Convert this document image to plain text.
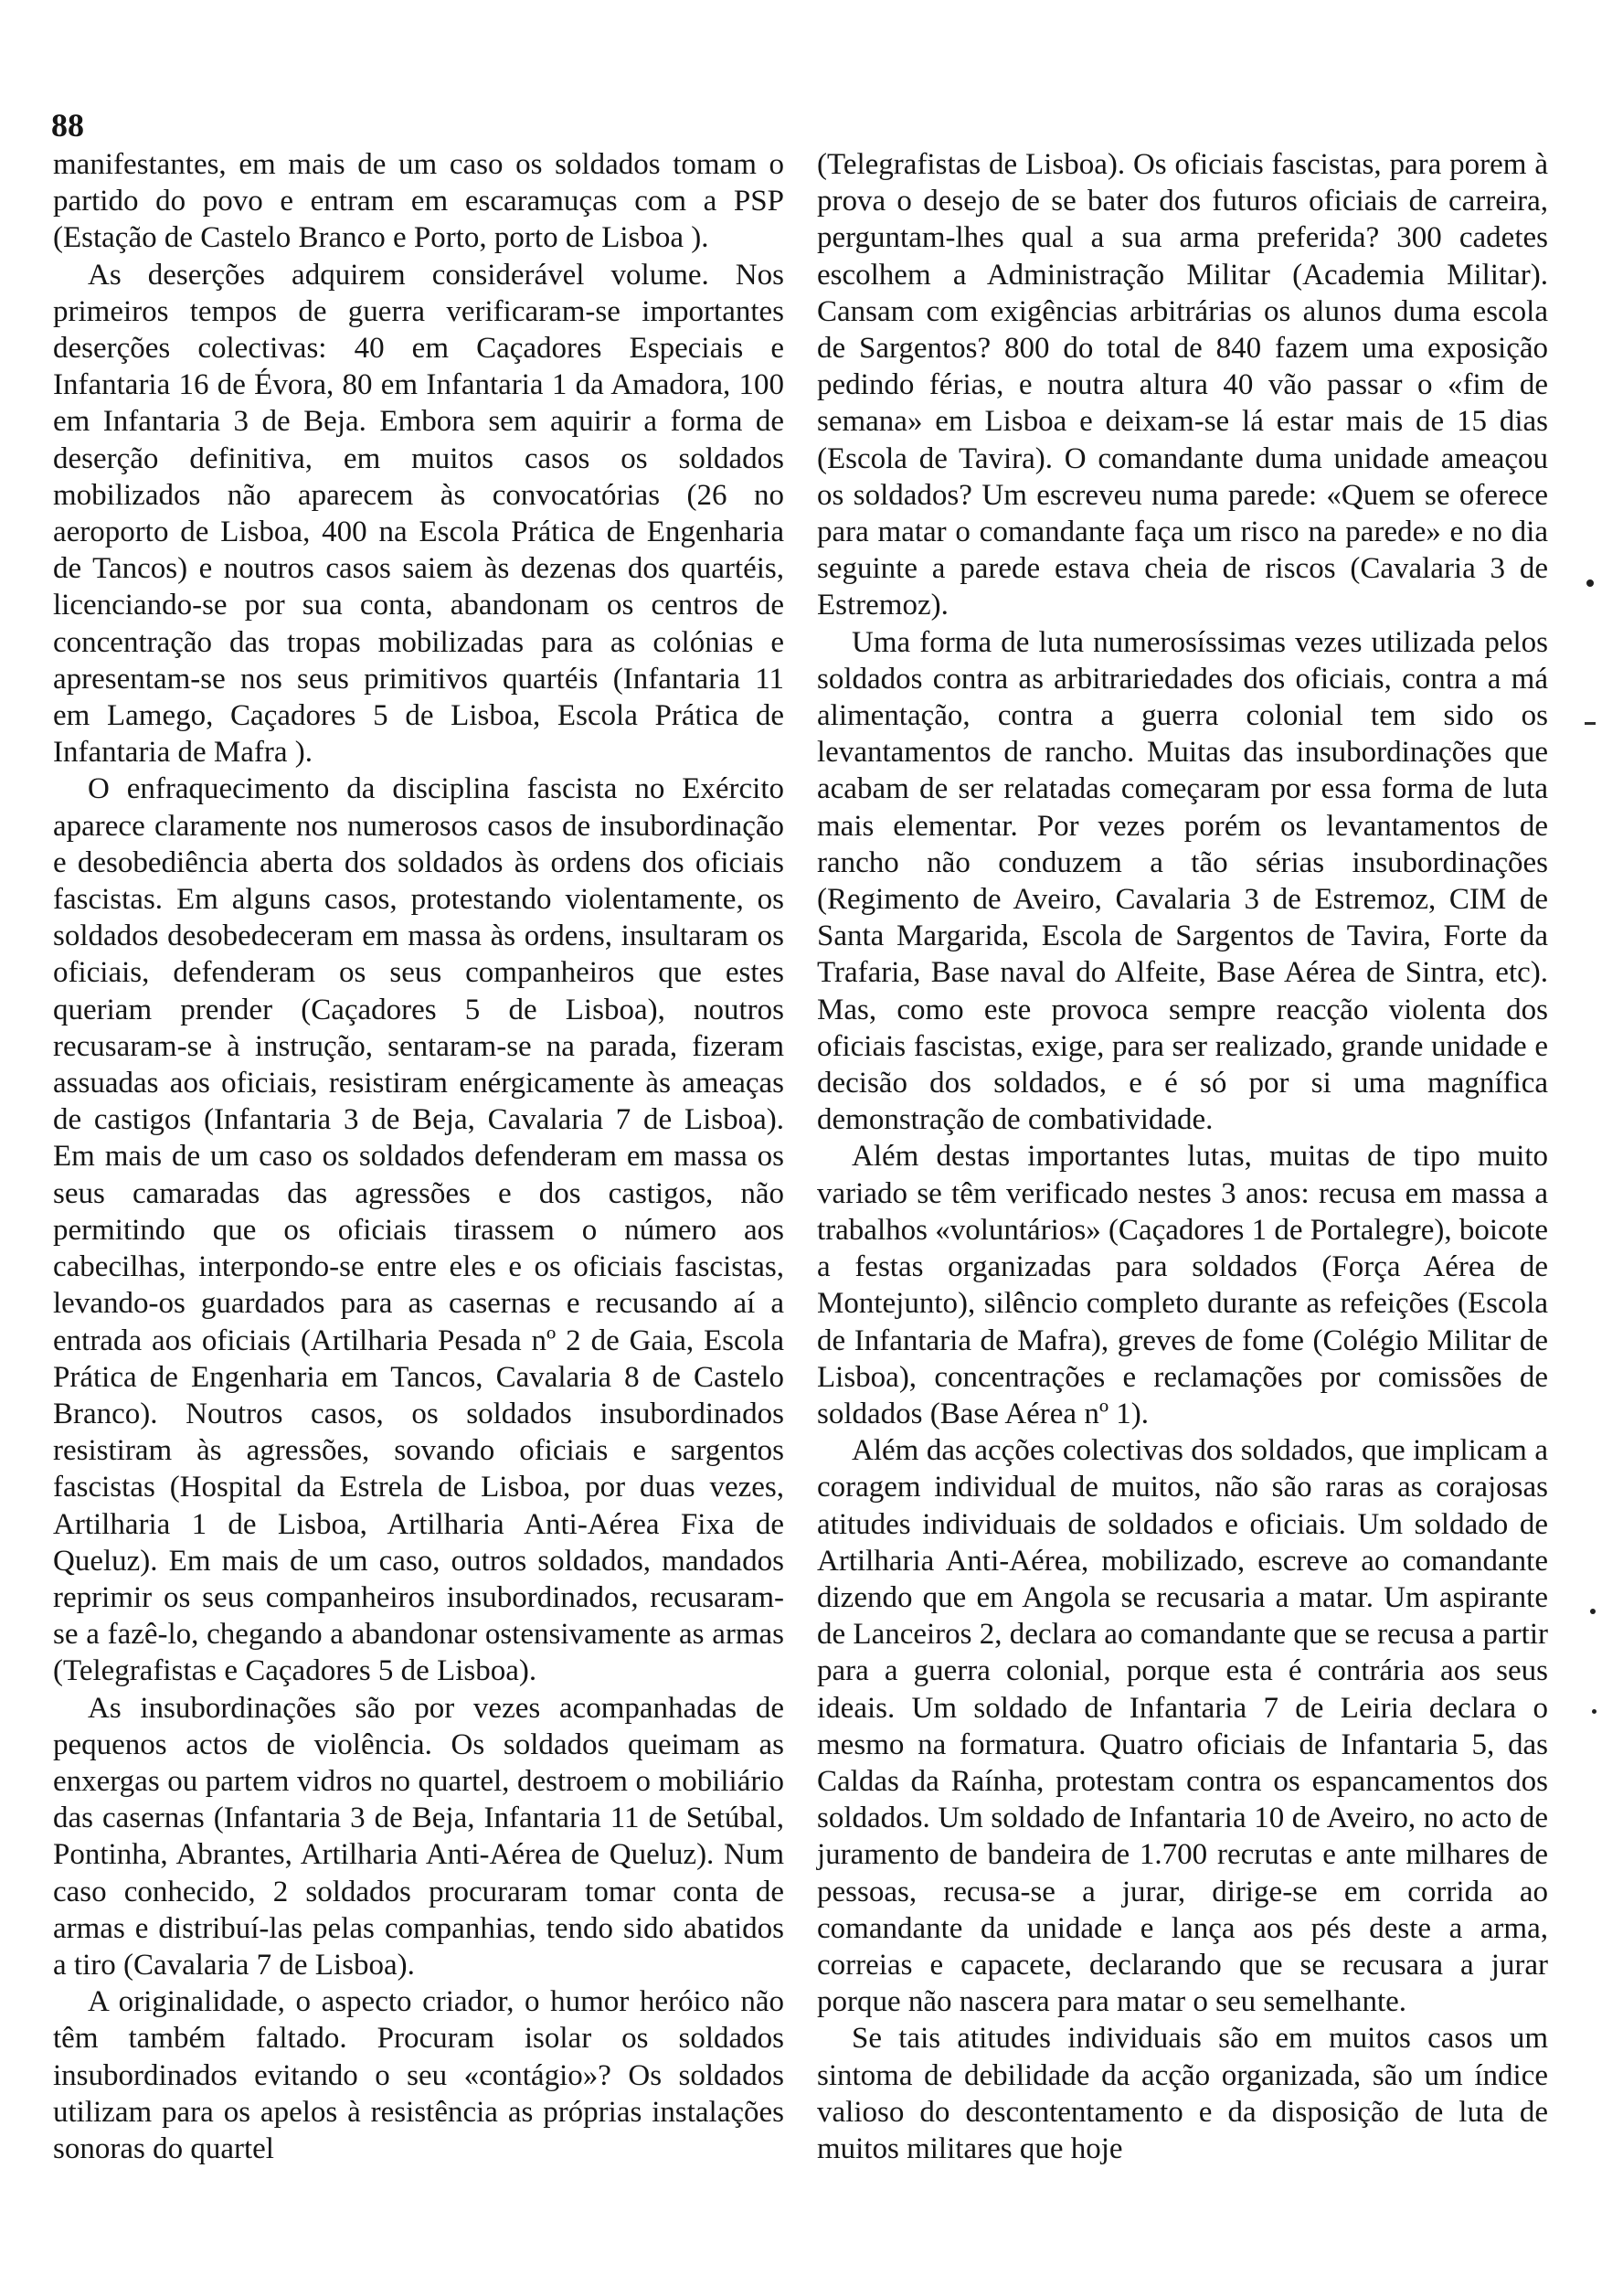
88

manifestantes, em mais de um caso os soldados tomam o partido do povo e entram em escaramuças com a PSP (Estação de Castelo Branco e Porto, porto de Lisboa ).

As deserções adquirem considerável volume. Nos primeiros tempos de guerra verificaram-se importantes deserções colectivas: 40 em Caçadores Especiais e Infantaria 16 de Évora, 80 em Infantaria 1 da Amadora, 100 em Infantaria 3 de Beja. Embora sem aquirir a forma de deserção definitiva, em muitos casos os soldados mobilizados não aparecem às convocatórias (26 no aeroporto de Lisboa, 400 na Escola Prática de Engenharia de Tancos) e noutros casos saiem às dezenas dos quartéis, licenciando-se por sua conta, abandonam os centros de concentração das tropas mobilizadas para as colónias e apresentam-se nos seus primitivos quartéis (Infantaria 11 em Lamego, Caçadores 5 de Lisboa, Escola Prática de Infantaria de Mafra ).

O enfraquecimento da disciplina fascista no Exército aparece claramente nos numerosos casos de insubordinação e desobediência aberta dos soldados às ordens dos oficiais fascistas. Em alguns casos, protestando violentamente, os soldados desobedeceram em massa às ordens, insultaram os oficiais, defenderam os seus companheiros que estes queriam prender (Caçadores 5 de Lisboa), noutros recusaram-se à instrução, sentaram-se na parada, fizeram assuadas aos oficiais, resistiram enérgicamente às ameaças de castigos (Infantaria 3 de Beja, Cavalaria 7 de Lisboa). Em mais de um caso os soldados defenderam em massa os seus camaradas das agressões e dos castigos, não permitindo que os oficiais tirassem o número aos cabecilhas, interpondo-se entre eles e os oficiais fascistas, levando-os guardados para as casernas e recusando aí a entrada aos oficiais (Artilharia Pesada nº 2 de Gaia, Escola Prática de Engenharia em Tancos, Cavalaria 8 de Castelo Branco). Noutros casos, os soldados insubordinados resistiram às agressões, sovando oficiais e sargentos fascistas (Hospital da Estrela de Lisboa, por duas vezes, Artilharia 1 de Lisboa, Artilharia Anti-Aérea Fixa de Queluz). Em mais de um caso, outros soldados, mandados reprimir os seus companheiros insubordinados, recusaram-se a fazê-lo, chegando a abandonar ostensivamente as armas (Telegrafistas e Caçadores 5 de Lisboa).

As insubordinações são por vezes acompanhadas de pequenos actos de violência. Os soldados queimam as enxergas ou partem vidros no quartel, destroem o mobiliário das casernas (Infantaria 3 de Beja, Infantaria 11 de Setúbal, Pontinha, Abrantes, Artilharia Anti-Aérea de Queluz). Num caso conhecido, 2 soldados procuraram tomar conta de armas e distribuí-las pelas companhias, tendo sido abatidos a tiro (Cavalaria 7 de Lisboa).

A originalidade, o aspecto criador, o humor heróico não têm também faltado. Procuram isolar os soldados insubordinados evitando o seu «contágio»? Os soldados utilizam para os apelos à resistência as próprias instalações sonoras do quartel

(Telegrafistas de Lisboa). Os oficiais fascistas, para porem à prova o desejo de se bater dos futuros oficiais de carreira, perguntam-lhes qual a sua arma preferida? 300 cadetes escolhem a Administração Militar (Academia Militar). Cansam com exigências arbitrárias os alunos duma escola de Sargentos? 800 do total de 840 fazem uma exposição pedindo férias, e noutra altura 40 vão passar o «fim de semana» em Lisboa e deixam-se lá estar mais de 15 dias (Escola de Tavira). O comandante duma unidade ameaçou os soldados? Um escreveu numa parede: «Quem se oferece para matar o comandante faça um risco na parede» e no dia seguinte a parede estava cheia de riscos (Cavalaria 3 de Estremoz).

Uma forma de luta numerosíssimas vezes utilizada pelos soldados contra as arbitrariedades dos oficiais, contra a má alimentação, contra a guerra colonial tem sido os levantamentos de rancho. Muitas das insubordinações que acabam de ser relatadas começaram por essa forma de luta mais elementar. Por vezes porém os levantamentos de rancho não conduzem a tão sérias insubordinações (Regimento de Aveiro, Cavalaria 3 de Estremoz, CIM de Santa Margarida, Escola de Sargentos de Tavira, Forte da Trafaria, Base naval do Alfeite, Base Aérea de Sintra, etc). Mas, como este provoca sempre reacção violenta dos oficiais fascistas, exige, para ser realizado, grande unidade e decisão dos soldados, e é só por si uma magnífica demonstração de combatividade.

Além destas importantes lutas, muitas de tipo muito variado se têm verificado nestes 3 anos: recusa em massa a trabalhos «voluntários» (Caçadores 1 de Portalegre), boicote a festas organizadas para soldados (Força Aérea de Montejunto), silêncio completo durante as refeições (Escola de Infantaria de Mafra), greves de fome (Colégio Militar de Lisboa), concentrações e reclamações por comissões de soldados (Base Aérea nº 1).

Além das acções colectivas dos soldados, que implicam a coragem individual de muitos, não são raras as corajosas atitudes individuais de soldados e oficiais. Um soldado de Artilharia Anti-Aérea, mobilizado, escreve ao comandante dizendo que em Angola se recusaria a matar. Um aspirante de Lanceiros 2, declara ao comandante que se recusa a partir para a guerra colonial, porque esta é contrária aos seus ideais. Um soldado de Infantaria 7 de Leiria declara o mesmo na formatura. Quatro oficiais de Infantaria 5, das Caldas da Raínha, protestam contra os espancamentos dos soldados. Um soldado de Infantaria 10 de Aveiro, no acto de juramento de bandeira de 1.700 recrutas e ante milhares de pessoas, recusa-se a jurar, dirige-se em corrida ao comandante da unidade e lança aos pés deste a arma, correias e capacete, declarando que se recusara a jurar porque não nascera para matar o seu semelhante.

Se tais atitudes individuais são em muitos casos um sintoma de debilidade da acção organizada, são um índice valioso do descontentamento e da disposição de luta de muitos militares que hoje
